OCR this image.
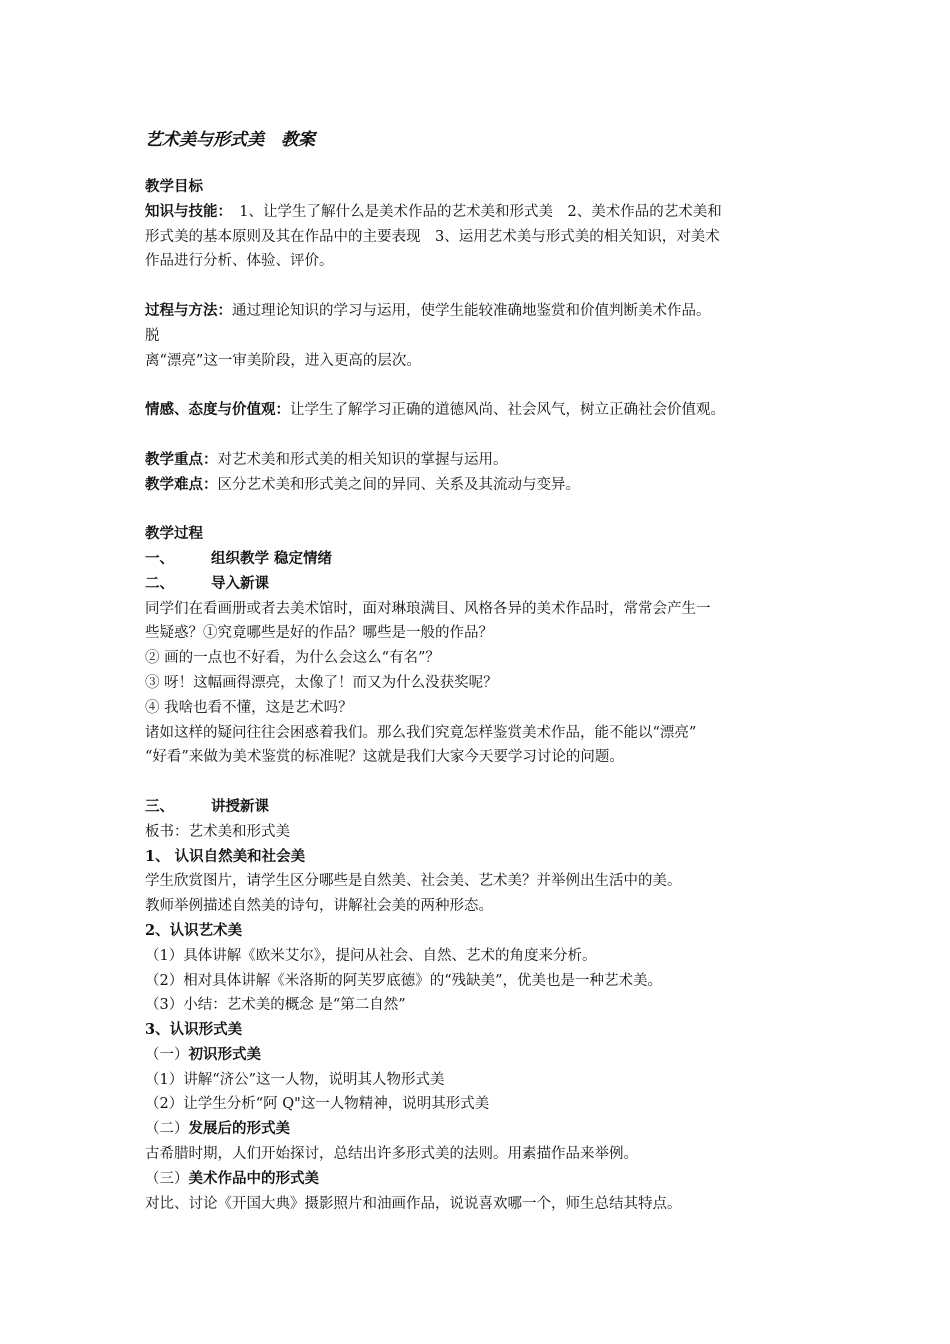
艺术美与形式美　教案
教学目标
知识与技能：　 1、让学生了解什么是美术作品的艺术美和形式美　2、美术作品的艺术美和
形式美的基本原则及其在作品中的主要表现　3、运用艺术美与形式美的相关知识，对美术
作品进行分析、体验、评价。
过程与方法：通过理论知识的学习与运用，使学生能较准确地鉴赏和价值判断美术作品。
脱
离“漂亮”这一审美阶段，进入更高的层次。
情感、态度与价值观：让学生了解学习正确的道德风尚、社会风气，树立正确社会价值观。
教学重点：对艺术美和形式美的相关知识的掌握与运用。
教学难点：区分艺术美和形式美之间的异同、关系及其流动与变异。
教学过程
一、	组织教学 稳定情绪
二、	导入新课
同学们在看画册或者去美术馆时，面对琳琅满目、风格各异的美术作品时，常常会产生一
些疑惑？①究竟哪些是好的作品？哪些是一般的作品？
② 画的一点也不好看，为什么会这么“有名”？
③ 呀！这幅画得漂亮，太像了！而又为什么没获奖呢？
④ 我啥也看不懂，这是艺术吗？
诸如这样的疑问往往会困惑着我们。那么我们究竟怎样鉴赏美术作品，能不能以“漂亮”
“好看”来做为美术鉴赏的标准呢？这就是我们大家今天要学习讨论的问题。
三、	讲授新课
板书：艺术美和形式美
1、 认识自然美和社会美
学生欣赏图片，请学生区分哪些是自然美、社会美、艺术美？并举例出生活中的美。
教师举例描述自然美的诗句，讲解社会美的两种形态。
2、认识艺术美
（1）具体讲解《欧米艾尔》，提问从社会、自然、艺术的角度来分析。
（2）相对具体讲解《米洛斯的阿芙罗底德》的“残缺美”，优美也是一种艺术美。
（3）小结：艺术美的概念 是“第二自然”
3、认识形式美
（一）初识形式美
（1）讲解“济公”这一人物，说明其人物形式美
（2）让学生分析“阿 Q"这一人物精神，说明其形式美
（二）发展后的形式美
古希腊时期，人们开始探讨，总结出许多形式美的法则。用素描作品来举例。
（三）美术作品中的形式美
对比、讨论《开国大典》摄影照片和油画作品，说说喜欢哪一个，师生总结其特点。
